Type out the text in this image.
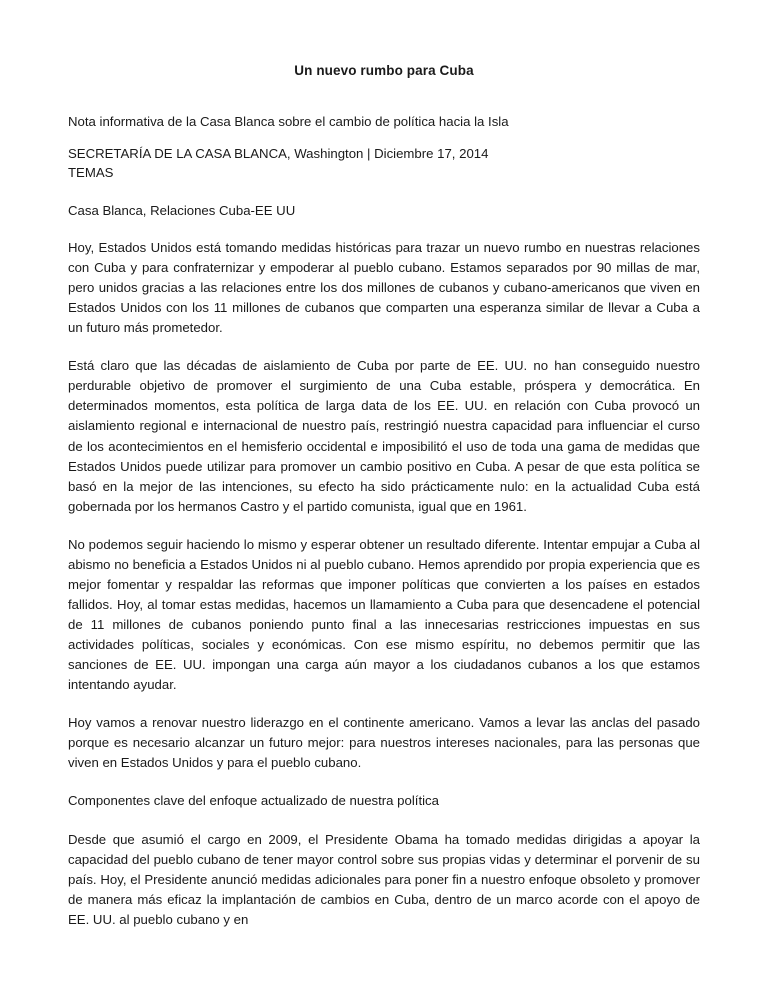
Un nuevo rumbo para Cuba
Nota informativa de la Casa Blanca sobre el cambio de política hacia la Isla
SECRETARÍA DE LA CASA BLANCA, Washington | Diciembre 17, 2014
TEMAS
Casa Blanca, Relaciones Cuba-EE UU

Hoy, Estados Unidos está tomando medidas históricas para trazar un nuevo rumbo en nuestras relaciones con Cuba y para confraternizar y empoderar al pueblo cubano. Estamos separados por 90 millas de mar, pero unidos gracias a las relaciones entre los dos millones de cubanos y cubano-americanos que viven en Estados Unidos con los 11 millones de cubanos que comparten una esperanza similar de llevar a Cuba a un futuro más prometedor.

Está claro que las décadas de aislamiento de Cuba por parte de EE. UU. no han conseguido nuestro perdurable objetivo de promover el surgimiento de una Cuba estable, próspera y democrática. En determinados momentos, esta política de larga data de los EE. UU. en relación con Cuba provocó un aislamiento regional e internacional de nuestro país, restringió nuestra capacidad para influenciar el curso de los acontecimientos en el hemisferio occidental e imposibilitó el uso de toda una gama de medidas que Estados Unidos puede utilizar para promover un cambio positivo en Cuba. A pesar de que esta política se basó en la mejor de las intenciones, su efecto ha sido prácticamente nulo: en la actualidad Cuba está gobernada por los hermanos Castro y el partido comunista, igual que en 1961.

No podemos seguir haciendo lo mismo y esperar obtener un resultado diferente. Intentar empujar a Cuba al abismo no beneficia a Estados Unidos ni al pueblo cubano. Hemos aprendido por propia experiencia que es mejor fomentar y respaldar las reformas que imponer políticas que convierten a los países en estados fallidos. Hoy, al tomar estas medidas, hacemos un llamamiento a Cuba para que desencadene el potencial de 11 millones de cubanos poniendo punto final a las innecesarias restricciones impuestas en sus actividades políticas, sociales y económicas. Con ese mismo espíritu, no debemos permitir que las sanciones de EE. UU. impongan una carga aún mayor a los ciudadanos cubanos a los que estamos intentando ayudar.

Hoy vamos a renovar nuestro liderazgo en el continente americano. Vamos a levar las anclas del pasado porque es necesario alcanzar un futuro mejor: para nuestros intereses nacionales, para las personas que viven en Estados Unidos y para el pueblo cubano.

Componentes clave del enfoque actualizado de nuestra política

Desde que asumió el cargo en 2009, el Presidente Obama ha tomado medidas dirigidas a apoyar la capacidad del pueblo cubano de tener mayor control sobre sus propias vidas y determinar el porvenir de su país. Hoy, el Presidente anunció medidas adicionales para poner fin a nuestro enfoque obsoleto y promover de manera más eficaz la implantación de cambios en Cuba, dentro de un marco acorde con el apoyo de EE. UU. al pueblo cubano y en
